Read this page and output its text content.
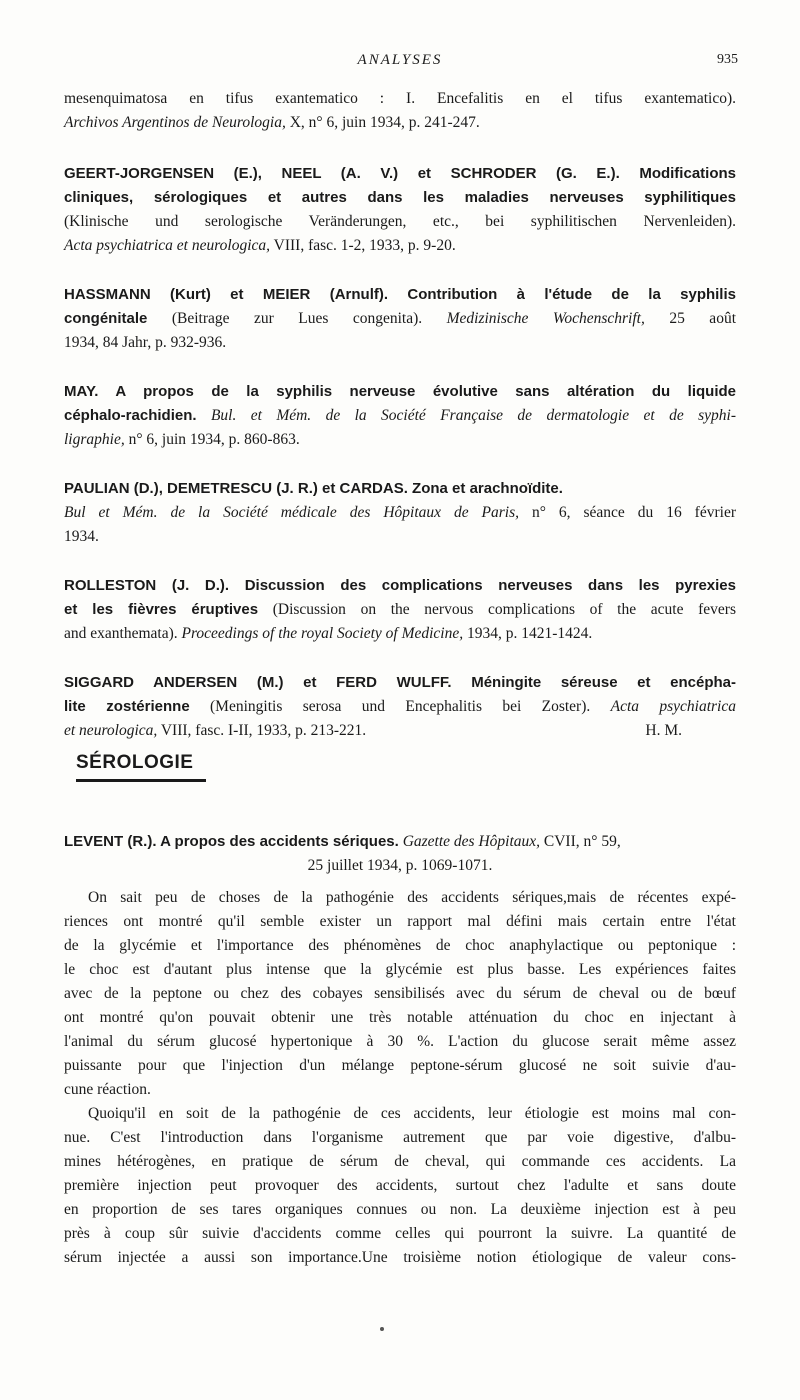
ANALYSES	935
mesenquimatosa en tifus exantematico : I. Encefalitis en el tifus exantematico).
Archivos Argentinos de Neurologia, X, n° 6, juin 1934, p. 241-247.
GEERT-JORGENSEN (E.), NEEL (A. V.) et SCHRODER (G. E.). Modifications
cliniques, sérologiques et autres dans les maladies nerveuses syphilitiques
(Klinische und serologische Veränderungen, etc., bei syphilitischen Nervenleiden).
Acta psychiatrica et neurologica, VIII, fasc. 1-2, 1933, p. 9-20.
HASSMANN (Kurt) et MEIER (Arnulf). Contribution à l'étude de la syphilis
congénitale (Beitrage zur Lues congenita). Medizinische Wochenschrift, 25 août
1934, 84 Jahr, p. 932-936.
MAY. A propos de la syphilis nerveuse évolutive sans altération du liquide
céphalo-rachidien. Bul. et Mém. de la Société Française de dermatologie et de syphi-
ligraphie, n° 6, juin 1934, p. 860-863.
PAULIAN (D.), DEMETRESCU (J. R.) et CARDAS. Zona et arachnoïdite.
Bul et Mém. de la Société médicale des Hôpitaux de Paris, n° 6, séance du 16 février
1934.
ROLLESTON (J. D.). Discussion des complications nerveuses dans les pyrexies
et les fièvres éruptives (Discussion on the nervous complications of the acute fevers
and exanthemata). Proceedings of the royal Society of Medicine, 1934, p. 1421-1424.
SIGGARD ANDERSEN (M.) et FERD WULFF. Méningite séreuse et encépha-
lite zostérienne (Meningitis serosa und Encephalitis bei Zoster). Acta psychiatrica
et neurologica, VIII, fasc. I-II, 1933, p. 213-221.	H. M.
SÉROLOGIE
LEVENT (R.). A propos des accidents sériques. Gazette des Hôpitaux, CVII, n° 59,
25 juillet 1934, p. 1069-1071.
On sait peu de choses de la pathogénie des accidents sériques,mais de récentes expé-
riences ont montré qu'il semble exister un rapport mal défini mais certain entre l'état
de la glycémie et l'importance des phénomènes de choc anaphylactique ou peptonique :
le choc est d'autant plus intense que la glycémie est plus basse. Les expériences faites
avec de la peptone ou chez des cobayes sensibilisés avec du sérum de cheval ou de bœuf
ont montré qu'on pouvait obtenir une très notable atténuation du choc en injectant à
l'animal du sérum glucosé hypertonique à 30 %. L'action du glucose serait même assez
puissante pour que l'injection d'un mélange peptone-sérum glucosé ne soit suivie d'au-
cune réaction.
Quoiqu'il en soit de la pathogénie de ces accidents, leur étiologie est moins mal con-
nue. C'est l'introduction dans l'organisme autrement que par voie digestive, d'albu-
mines hétérogènes, en pratique de sérum de cheval, qui commande ces accidents. La
première injection peut provoquer des accidents, surtout chez l'adulte et sans doute
en proportion de ses tares organiques connues ou non. La deuxième injection est à peu
près à coup sûr suivie d'accidents comme celles qui pourront la suivre. La quantité de
sérum injectée a aussi son importance.Une troisième notion étiologique de valeur cons-
